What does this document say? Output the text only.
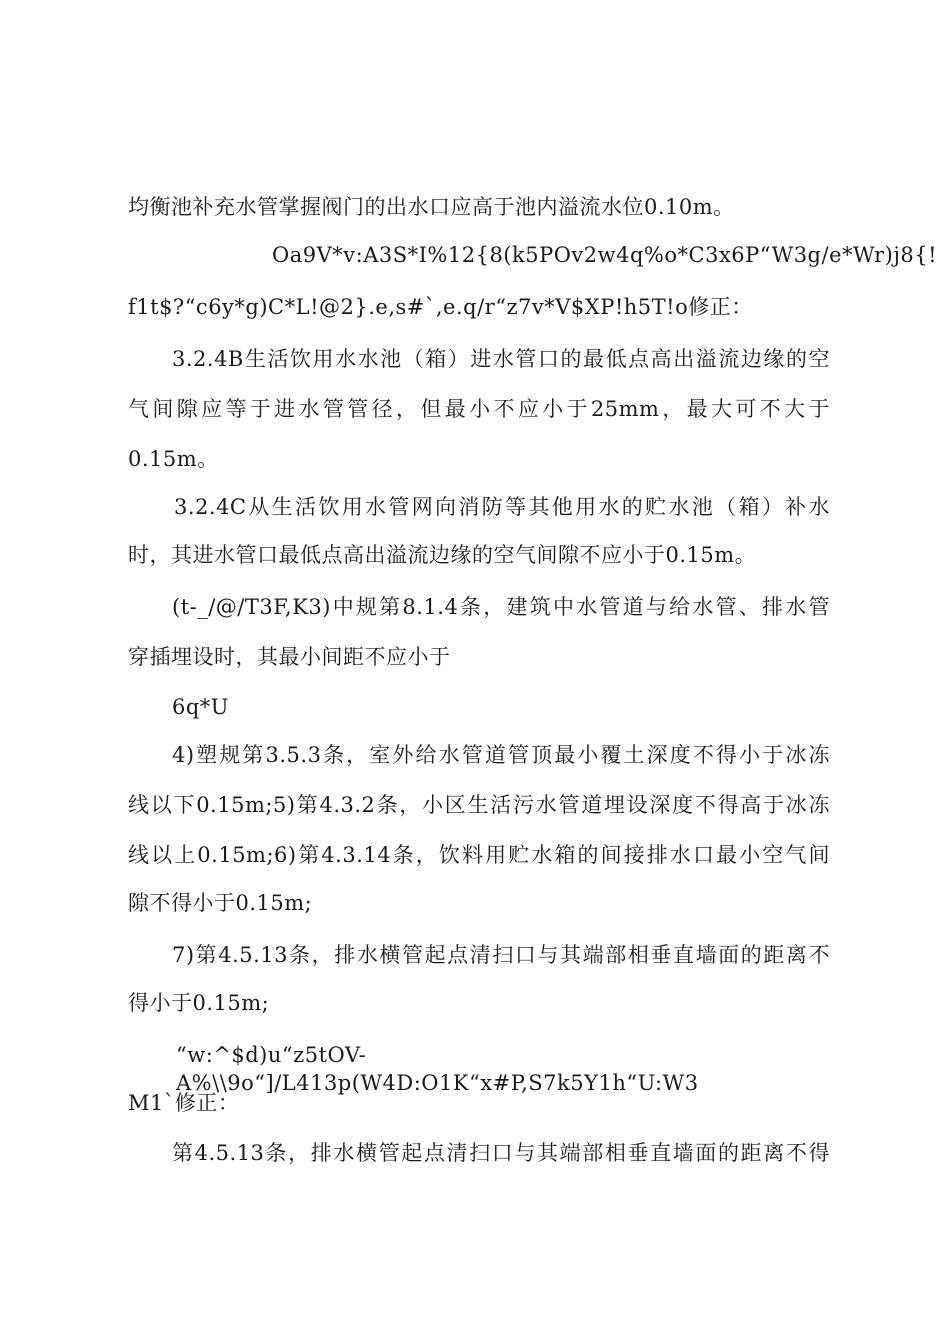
均衡池补充水管掌握阀门的出水口应高于池内溢流水位0.10m。
Oa9V*v:A3S*I%12{8(k5POv2w4q%o*C3x6P“W3g/e*Wr)j8{!
f1t$?“c6y*g)C*L!@2}.e,s#`,e.q/r“z7v*V$XP!h5T!o修正：
3.2.4B生活饮用水水池（箱）进水管口的最低点高出溢流边缘的空
气间隙应等于进水管管径，但最小不应小于25mm，最大可不大于
0.15m。
3.2.4C从生活饮用水管网向消防等其他用水的贮水池（箱）补水
时，其进水管口最低点高出溢流边缘的空气间隙不应小于0.15m。
(t-_/@/T3F,K3)中规第8.1.4条，建筑中水管道与给水管、排水管
穿插埋设时，其最小间距不应小于
6q*U
4)塑规第3.5.3条，室外给水管道管顶最小覆土深度不得小于冰冻
线以下0.15m;5)第4.3.2条，小区生活污水管道埋设深度不得高于冰冻
线以上0.15m;6)第4.3.14条，饮料用贮水箱的间接排水口最小空气间
隙不得小于0.15m;
7)第4.5.13条，排水横管起点清扫口与其端部相垂直墙面的距离不
得小于0.15m;
“w:^$d)u“z5tOV-A%\\9o“]/L413p(W4D:O1K“x#P,S7k5Y1h“U:W3
M1`修正：
第4.5.13条，排水横管起点清扫口与其端部相垂直墙面的距离不得
